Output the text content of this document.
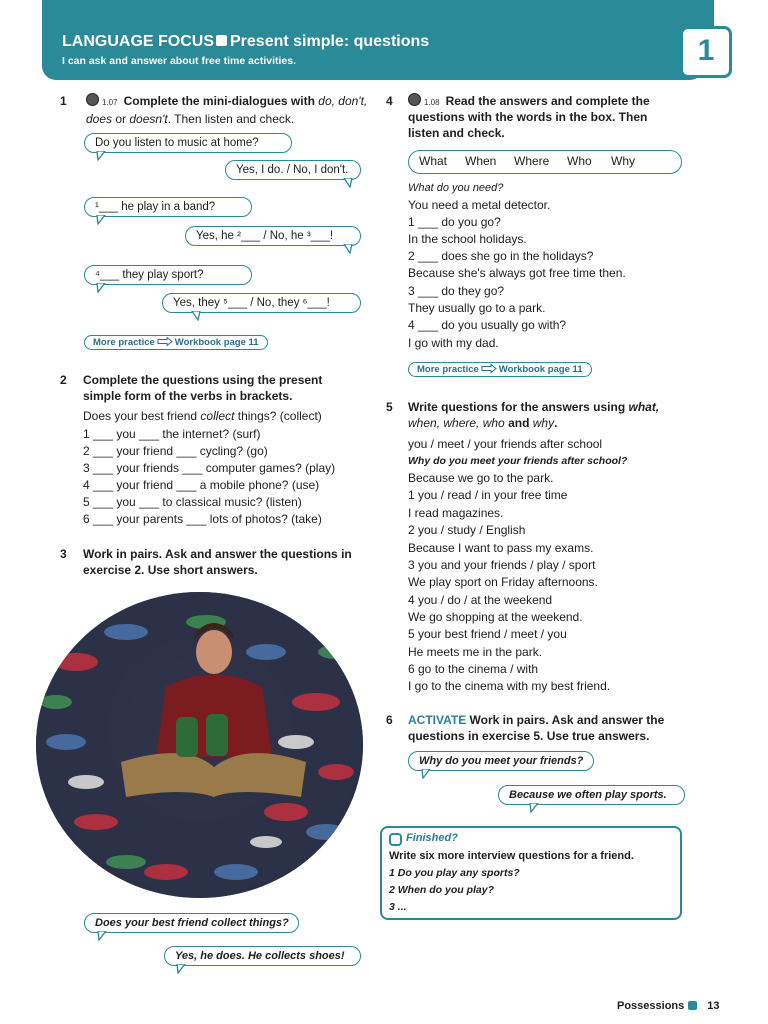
LANGUAGE FOCUS Present simple: questions
I can ask and answer about free time activities.	1
1	1.07 Complete the mini-dialogues with do, don't, does or doesn't. Then listen and check.
Do you listen to music at home?
Yes, I do. / No, I don't.
¹___ he play in a band?
Yes, he ²___ / No, he ³___!
⁴___ they play sport?
Yes, they ⁵___ / No, they ⁶___!
More practice Workbook page 11
2 Complete the questions using the present
simple form of the verbs in brackets.
Does your best friend collect things? (collect)
1 ___ you ___ the internet? (surf)
2 ___ your friend ___ cycling? (go)
3 ___ your friends ___ computer games? (play)
4 ___ your friend ___ a mobile phone? (use)
5 ___ you ___ to classical music? (listen)
6 ___ your parents ___ lots of photos? (take)
3 Work in pairs. Ask and answer the questions in
exercise 2. Use short answers.
Does your best friend collect things?
Yes, he does. He collects shoes!
4	1.08 Read the answers and complete the
questions with the words in the box. Then
listen and check.
What When Where Who Why
What do you need?
You need a metal detector.
1 ___ do you go?
In the school holidays.
2 ___ does she go in the holidays?
Because she's always got free time then.
3 ___ do they go?
They usually go to a park.
4 ___ do you usually go with?
I go with my dad.
More practice Workbook page 11
5 Write questions for the answers using what,
when, where, who and why.
you / meet / your friends after school
Why do you meet your friends after school?
Because we go to the park.
1 you / read / in your free time
I read magazines.
2 you / study / English
Because I want to pass my exams.
3 you and your friends / play / sport
We play sport on Friday afternoons.
4 you / do / at the weekend
We go shopping at the weekend.
5 your best friend / meet / you
He meets me in the park.
6 go to the cinema / with
I go to the cinema with my best friend.
6 ACTIVATE Work in pairs. Ask and answer the
questions in exercise 5. Use true answers.
Why do you meet your friends?
Because we often play sports.
Finished?
Write six more interview questions for a friend.
1 Do you play any sports?
2 When do you play?
3 ...
Possessions 13
